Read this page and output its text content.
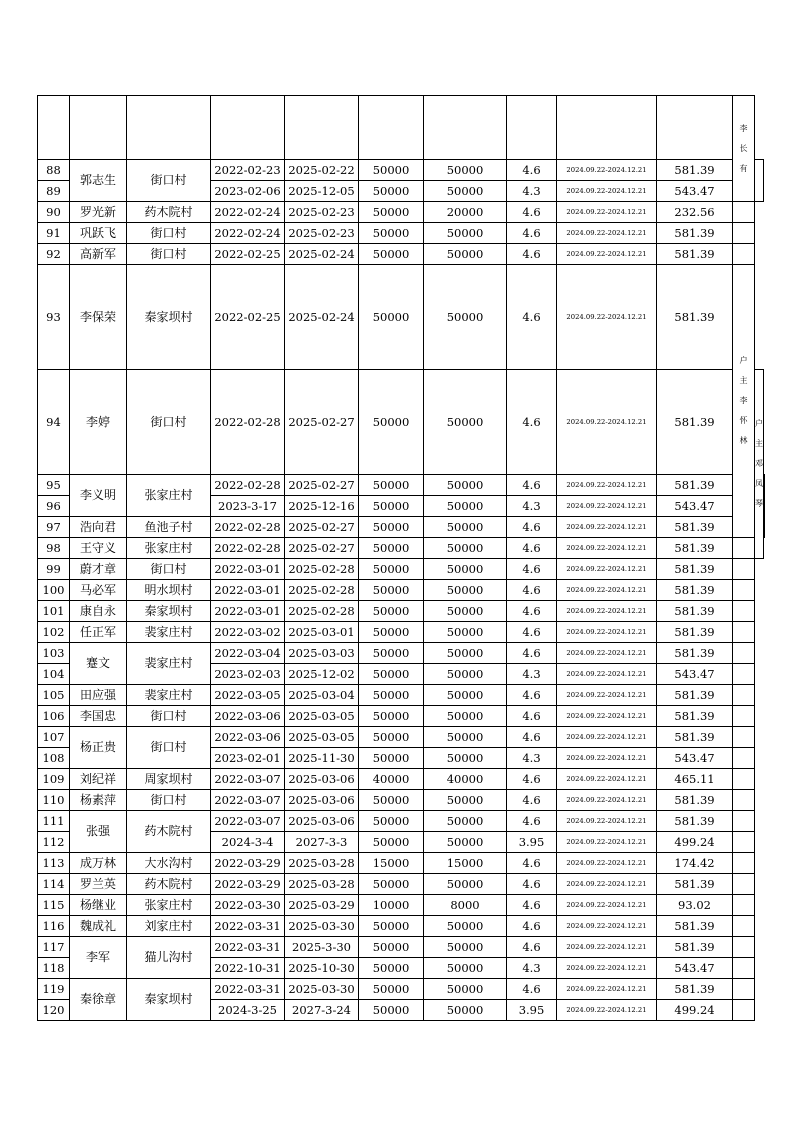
										李
长
有		

88	郭志生	街口村	2022-02-23	2025-02-22	50000	50000	4.6	2024.09.22-2024.12.21	581.39			
89			2023-02-06	2025-12-05	50000	50000	4.3	2024.09.22-2024.12.21	543.47			
90	罗光新	药木院村	2022-02-24	2025-02-23	50000	20000	4.6	2024.09.22-2024.12.21	232.56			
91	巩跃飞	街口村	2022-02-24	2025-02-23	50000	50000	4.6	2024.09.22-2024.12.21	581.39			
92	高新军	街口村	2022-02-25	2025-02-24	50000	50000	4.6	2024.09.22-2024.12.21	581.39			
93	李保荣	秦家坝村	2022-02-25	2025-02-24	50000	50000	4.6	2024.09.22-2024.12.21	581.39	户
主
李
怀
林		

94	李婷	街口村	2022-02-28	2025-02-27	50000	50000	4.6	2024.09.22-2024.12.21	581.39		户
主
邓
凤
琴	

95	李义明	张家庄村	2022-02-28	2025-02-27	50000	50000	4.6	2024.09.22-2024.12.21	581.39			
96			2023-3-17	2025-12-16	50000	50000	4.3	2024.09.22-2024.12.21	543.47			
97	浩向君	鱼池子村	2022-02-28	2025-02-27	50000	50000	4.6	2024.09.22-2024.12.21	581.39			
98	王守义	张家庄村	2022-02-28	2025-02-27	50000	50000	4.6	2024.09.22-2024.12.21	581.39			
99	蔚才章	街口村	2022-03-01	2025-02-28	50000	50000	4.6	2024.09.22-2024.12.21	581.39			
100	马必军	明水坝村	2022-03-01	2025-02-28	50000	50000	4.6	2024.09.22-2024.12.21	581.39			
101	康自永	秦家坝村	2022-03-01	2025-02-28	50000	50000	4.6	2024.09.22-2024.12.21	581.39			
102	任正军	裴家庄村	2022-03-02	2025-03-01	50000	50000	4.6	2024.09.22-2024.12.21	581.39			
103	蹇文	裴家庄村	2022-03-04	2025-03-03	50000	50000	4.6	2024.09.22-2024.12.21	581.39			
104			2023-02-03	2025-12-02	50000	50000	4.3	2024.09.22-2024.12.21	543.47			
105	田应强	裴家庄村	2022-03-05	2025-03-04	50000	50000	4.6	2024.09.22-2024.12.21	581.39			
106	李国忠	街口村	2022-03-06	2025-03-05	50000	50000	4.6	2024.09.22-2024.12.21	581.39			
107	杨正贵	街口村	2022-03-06	2025-03-05	50000	50000	4.6	2024.09.22-2024.12.21	581.39			
108			2023-02-01	2025-11-30	50000	50000	4.3	2024.09.22-2024.12.21	543.47			
109	刘纪祥	周家坝村	2022-03-07	2025-03-06	40000	40000	4.6	2024.09.22-2024.12.21	465.11			
110	杨素萍	街口村	2022-03-07	2025-03-06	50000	50000	4.6	2024.09.22-2024.12.21	581.39			
111	张强	药木院村	2022-03-07	2025-03-06	50000	50000	4.6	2024.09.22-2024.12.21	581.39			
112			2024-3-4	2027-3-3	50000	50000	3.95	2024.09.22-2024.12.21	499.24			
113	成万林	大水沟村	2022-03-29	2025-03-28	15000	15000	4.6	2024.09.22-2024.12.21	174.42			
114	罗兰英	药木院村	2022-03-29	2025-03-28	50000	50000	4.6	2024.09.22-2024.12.21	581.39			
115	杨继业	张家庄村	2022-03-30	2025-03-29	10000	8000	4.6	2024.09.22-2024.12.21	93.02			
116	魏成礼	刘家庄村	2022-03-31	2025-03-30	50000	50000	4.6	2024.09.22-2024.12.21	581.39			
117	李军	猫儿沟村	2022-03-31	2025-3-30	50000	50000	4.6	2024.09.22-2024.12.21	581.39			
118			2022-10-31	2025-10-30	50000	50000	4.3	2024.09.22-2024.12.21	543.47			
119	秦徐章	秦家坝村	2022-03-31	2025-03-30	50000	50000	4.6	2024.09.22-2024.12.21	581.39			
120			2024-3-25	2027-3-24	50000	50000	3.95	2024.09.22-2024.12.21	499.24			
